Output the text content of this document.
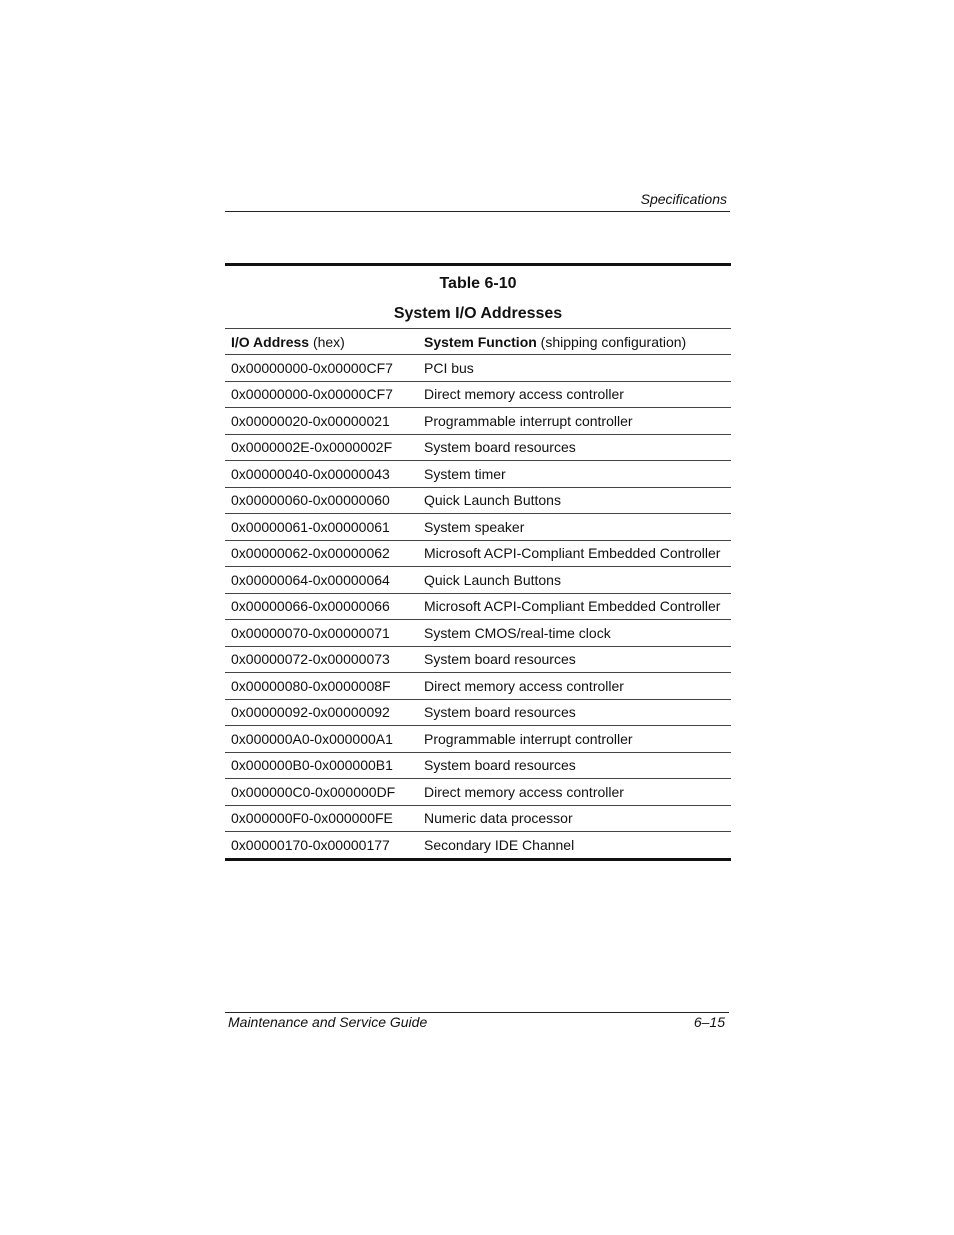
Specifications
Table 6-10
System I/O Addresses
I/O Address (hex)	System Function (shipping configuration)
0x00000000-0x00000CF7	PCI bus
0x00000000-0x00000CF7	Direct memory access controller
0x00000020-0x00000021	Programmable interrupt controller
0x0000002E-0x0000002F	System board resources
0x00000040-0x00000043	System timer
0x00000060-0x00000060	Quick Launch Buttons
0x00000061-0x00000061	System speaker
0x00000062-0x00000062	Microsoft ACPI-Compliant Embedded Controller
0x00000064-0x00000064	Quick Launch Buttons
0x00000066-0x00000066	Microsoft ACPI-Compliant Embedded Controller
0x00000070-0x00000071	System CMOS/real-time clock
0x00000072-0x00000073	System board resources
0x00000080-0x0000008F	Direct memory access controller
0x00000092-0x00000092	System board resources
0x000000A0-0x000000A1	Programmable interrupt controller
0x000000B0-0x000000B1	System board resources
0x000000C0-0x000000DF	Direct memory access controller
0x000000F0-0x000000FE	Numeric data processor
0x00000170-0x00000177	Secondary IDE Channel
Maintenance and Service Guide	6–15
